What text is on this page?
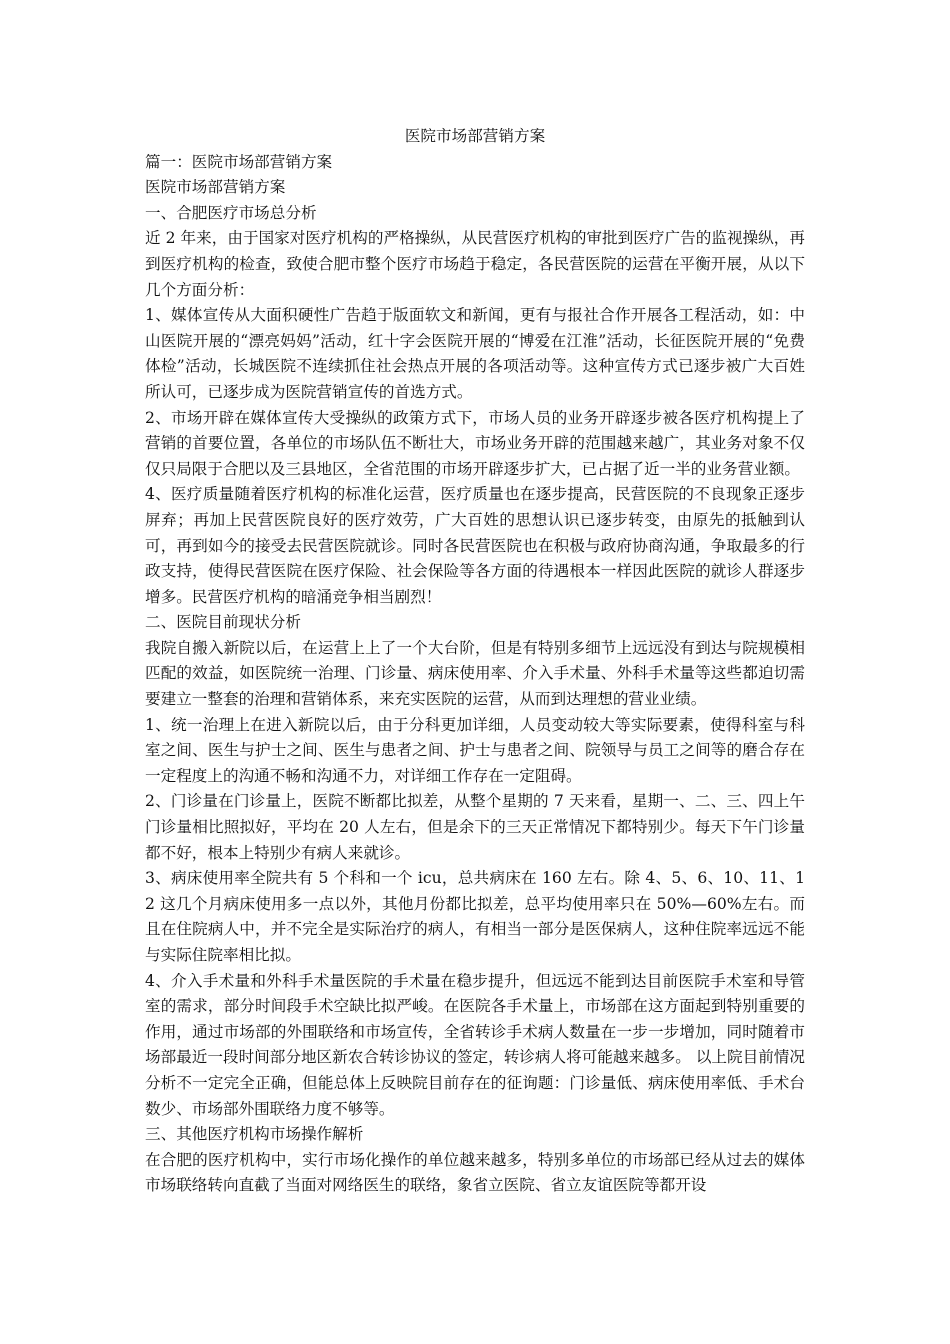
医院市场部营销方案

篇一：医院市场部营销方案

医院市场部营销方案

一、合肥医疗市场总分析

近 2 年来，由于国家对医疗机构的严格操纵，从民营医疗机构的审批到医疗广告的监视操纵，再到医疗机构的检查，致使合肥市整个医疗市场趋于稳定，各民营医院的运营在平衡开展，从以下几个方面分析：

1、媒体宣传从大面积硬性广告趋于版面软文和新闻，更有与报社合作开展各工程活动，如：中山医院开展的“漂亮妈妈”活动，红十字会医院开展的“博爱在江淮”活动，长征医院开展的“免费体检”活动，长城医院不连续抓住社会热点开展的各项活动等。这种宣传方式已逐步被广大百姓所认可，已逐步成为医院营销宣传的首选方式。

2、市场开辟在媒体宣传大受操纵的政策方式下，市场人员的业务开辟逐步被各医疗机构提上了营销的首要位置，各单位的市场队伍不断壮大，市场业务开辟的范围越来越广，其业务对象不仅仅只局限于合肥以及三县地区，全省范围的市场开辟逐步扩大，已占据了近一半的业务营业额。

4、医疗质量随着医疗机构的标准化运营，医疗质量也在逐步提高，民营医院的不良现象正逐步屏弃；再加上民营医院良好的医疗效劳，广大百姓的思想认识已逐步转变，由原先的抵触到认可，再到如今的接受去民营医院就诊。同时各民营医院也在积极与政府协商沟通，争取最多的行政支持，使得民营医院在医疗保险、社会保险等各方面的待遇根本一样因此医院的就诊人群逐步增多。民营医疗机构的暗涌竞争相当剧烈！

二、医院目前现状分析

我院自搬入新院以后，在运营上上了一个大台阶，但是有特别多细节上远远没有到达与院规模相匹配的效益，如医院统一治理、门诊量、病床使用率、介入手术量、外科手术量等这些都迫切需要建立一整套的治理和营销体系，来充实医院的运营，从而到达理想的营业业绩。

1、统一治理上在进入新院以后，由于分科更加详细，人员变动较大等实际要素，使得科室与科室之间、医生与护士之间、医生与患者之间、护士与患者之间、院领导与员工之间等的磨合存在一定程度上的沟通不畅和沟通不力，对详细工作存在一定阻碍。

2、门诊量在门诊量上，医院不断都比拟差，从整个星期的 7 天来看，星期一、二、三、四上午门诊量相比照拟好，平均在 20 人左右，但是余下的三天正常情况下都特别少。每天下午门诊量都不好，根本上特别少有病人来就诊。

3、病床使用率全院共有 5 个科和一个 icu，总共病床在 160 左右。除 4、5、6、10、11、12 这几个月病床使用多一点以外，其他月份都比拟差，总平均使用率只在 50%—60%左右。而且在住院病人中，并不完全是实际治疗的病人，有相当一部分是医保病人，这种住院率远远不能与实际住院率相比拟。

4、介入手术量和外科手术量医院的手术量在稳步提升，但远远不能到达目前医院手术室和导管室的需求，部分时间段手术空缺比拟严峻。在医院各手术量上，市场部在这方面起到特别重要的作用，通过市场部的外围联络和市场宣传，全省转诊手术病人数量在一步一步增加，同时随着市场部最近一段时间部分地区新农合转诊协议的签定，转诊病人将可能越来越多。 以上院目前情况分析不一定完全正确，但能总体上反映院目前存在的征询题：门诊量低、病床使用率低、手术台数少、市场部外围联络力度不够等。

三、其他医疗机构市场操作解析

在合肥的医疗机构中，实行市场化操作的单位越来越多，特别多单位的市场部已经从过去的媒体市场联络转向直截了当面对网络医生的联络，象省立医院、省立友谊医院等都开设
